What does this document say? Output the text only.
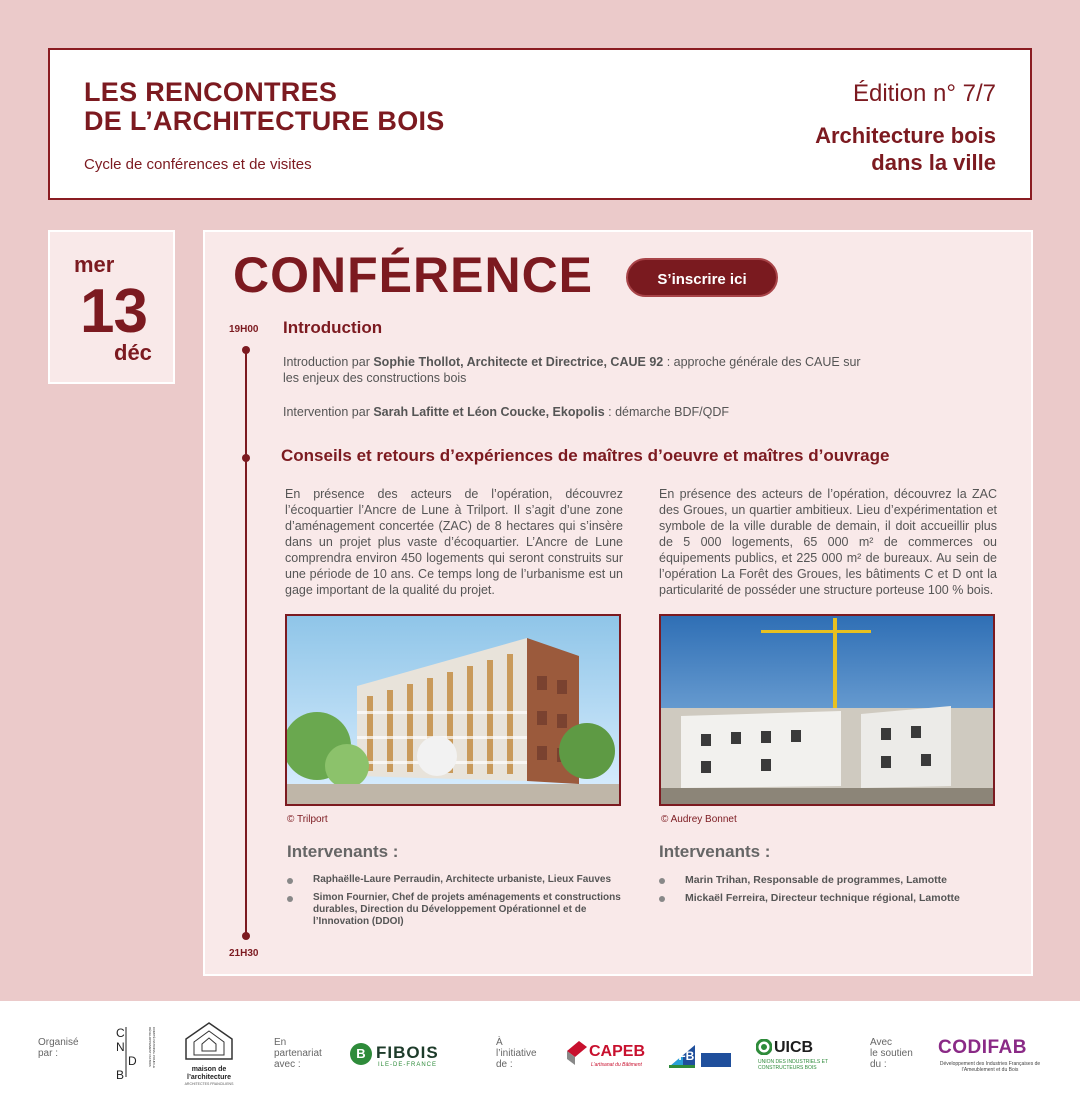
LES RENCONTRES
DE L’ARCHITECTURE BOIS
Cycle de conférences et de visites
Édition n° 7/7
Architecture bois
dans la ville
mer
13
déc
CONFÉRENCE	S’inscrire ici
19H00
21H30
Introduction
Introduction par Sophie Thollot, Architecte et Directrice, CAUE 92 : approche générale des CAUE sur
les enjeux des constructions bois
Intervention par Sarah Lafitte et Léon Coucke, Ekopolis : démarche BDF/QDF
Conseils et retours d’expériences de maîtres d’oeuvre et maîtres d’ouvrage
En présence des acteurs de l’opération, découvrez l’écoquartier l’Ancre de Lune à Trilport. Il s’agit d’une zone d’aménagement concertée (ZAC) de 8 hectares qui s’insère dans un projet plus vaste d’écoquartier. L’Ancre de Lune comprendra environ 450 logements qui seront construits sur une période de 10 ans. Ce temps long de l’urbanisme est un gage important de la qualité du projet.
En présence des acteurs de l’opération, découvrez la ZAC des Groues, un quartier ambitieux. Lieu d’expérimentation et symbole de la ville durable de demain, il doit accueillir plus de 5 000 logements, 65 000 m² de commerces ou équipements publics, et 225 000 m² de bureaux. Au sein de l’opération La Forêt des Groues, les bâtiments C et D ont la particularité de posséder une structure porteuse 100 % bois.
© Trilport	© Audrey Bonnet
Intervenants :	Intervenants :
Raphaëlle-Laure Perraudin, Architecte urbaniste, Lieux Fauves
Simon Fournier, Chef de projets aménagements et constructions durables, Direction du Développement Opérationnel et de l’Innovation (DDOI)
Marin Trihan, Responsable de programmes, Lamotte
Mickaël Ferreira, Directeur technique régional, Lamotte
Organisé
par :
C
N
D
B
COMITÉ NATIONAL POUR LE DÉVELOPPEMENT DU BOIS
maison de l’architecture
ARCHITECTES FRANCILIENS
En
partenariat
avec :
B FIBOIS
ILE-DE-FRANCE
À
l’initiative
de :
CAPEB
L’artisanat du Bâtiment
FFB	UICB
UNION DES INDUSTRIELS ET CONSTRUCTEURS BOIS
Avec
le soutien
du :
CODIFAB
Développement des Industries Françaises de l’Ameublement et du Bois
